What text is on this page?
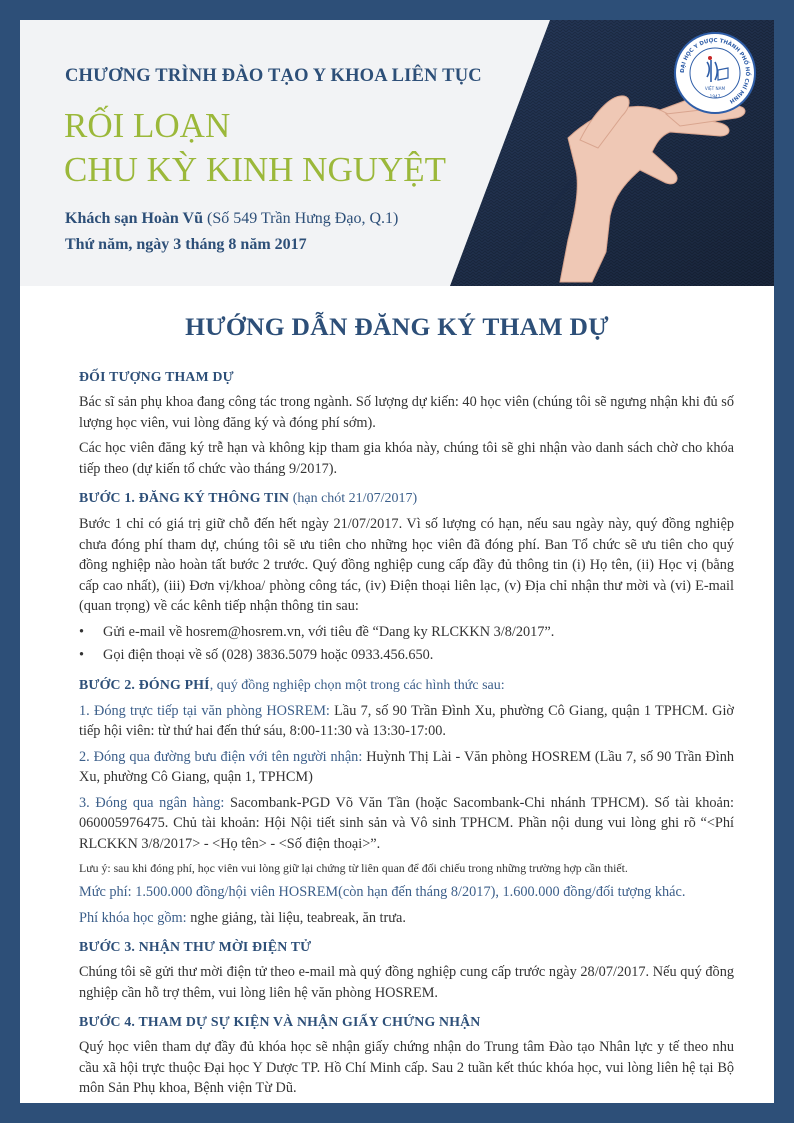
CHƯƠNG TRÌNH ĐÀO TẠO Y KHOA LIÊN TỤC
RỐI LOẠN
CHU KỲ KINH NGUYỆT
Khách sạn Hoàn Vũ (Số 549 Trần Hưng Đạo, Q.1)
Thứ năm, ngày 3 tháng 8 năm 2017
ĐẠI HỌC Y DƯỢC THÀNH PHỐ HỒ CHÍ MINH
VIỆT NAM
1947
HƯỚNG DẪN ĐĂNG KÝ THAM DỰ
ĐỐI TƯỢNG THAM DỰ

Bác sĩ sản phụ khoa đang công tác trong ngành. Số lượng dự kiến: 40 học viên (chúng tôi sẽ ngưng nhận khi đủ số lượng học viên, vui lòng đăng ký và đóng phí sớm).

Các học viên đăng ký trễ hạn và không kịp tham gia khóa này, chúng tôi sẽ ghi nhận vào danh sách chờ cho khóa tiếp theo (dự kiến tổ chức vào tháng 9/2017).

BƯỚC 1. ĐĂNG KÝ THÔNG TIN (hạn chót 21/07/2017)

Bước 1 chỉ có giá trị giữ chỗ đến hết ngày 21/07/2017. Vì số lượng có hạn, nếu sau ngày này, quý đồng nghiệp chưa đóng phí tham dự, chúng tôi sẽ ưu tiên cho những học viên đã đóng phí. Ban Tổ chức sẽ ưu tiên cho quý đồng nghiệp nào hoàn tất bước 2 trước. Quý đồng nghiệp cung cấp đầy đủ thông tin (i) Họ tên, (ii) Học vị (bằng cấp cao nhất), (iii) Đơn vị/khoa/ phòng công tác, (iv) Điện thoại liên lạc, (v) Địa chỉ nhận thư mời và (vi) E-mail (quan trọng) về các kênh tiếp nhận thông tin sau:

• Gửi e-mail về hosrem@hosrem.vn, với tiêu đề “Dang ky RLCKKN 3/8/2017”.
• Gọi điện thoại về số (028) 3836.5079 hoặc 0933.456.650.
BƯỚC 2. ĐÓNG PHÍ, quý đồng nghiệp chọn một trong các hình thức sau:

1. Đóng trực tiếp tại văn phòng HOSREM: Lầu 7, số 90 Trần Đình Xu, phường Cô Giang, quận 1 TPHCM. Giờ tiếp hội viên: từ thứ hai đến thứ sáu, 8:00-11:30 và 13:30-17:00.

2. Đóng qua đường bưu điện với tên người nhận: Huỳnh Thị Lài - Văn phòng HOSREM (Lầu 7, số 90 Trần Đình Xu, phường Cô Giang, quận 1, TPHCM)

3. Đóng qua ngân hàng: Sacombank-PGD Võ Văn Tần (hoặc Sacombank-Chi nhánh TPHCM). Số tài khoản: 060005976475. Chủ tài khoản: Hội Nội tiết sinh sản và Vô sinh TPHCM. Phần nội dung vui lòng ghi rõ “<Phí RLCKKN 3/8/2017> - <Họ tên> - <Số điện thoại>”.

Lưu ý: sau khi đóng phí, học viên vui lòng giữ lại chứng từ liên quan để đối chiếu trong những trường hợp cần thiết.

Mức phí: 1.500.000 đồng/hội viên HOSREM(còn hạn đến tháng 8/2017), 1.600.000 đồng/đối tượng khác.

Phí khóa học gồm: nghe giảng, tài liệu, teabreak, ăn trưa.

BƯỚC 3. NHẬN THƯ MỜI ĐIỆN TỬ

Chúng tôi sẽ gửi thư mời điện tử theo e-mail mà quý đồng nghiệp cung cấp trước ngày 28/07/2017. Nếu quý đồng nghiệp cần hỗ trợ thêm, vui lòng liên hệ văn phòng HOSREM.

BƯỚC 4. THAM DỰ SỰ KIỆN VÀ NHẬN GIẤY CHỨNG NHẬN

Quý học viên tham dự đầy đủ khóa học sẽ nhận giấy chứng nhận do Trung tâm Đào tạo Nhân lực y tế theo nhu cầu xã hội trực thuộc Đại học Y Dược TP. Hồ Chí Minh cấp. Sau 2 tuần kết thúc khóa học, vui lòng liên hệ tại Bộ môn Sản Phụ khoa, Bệnh viện Từ Dũ.
